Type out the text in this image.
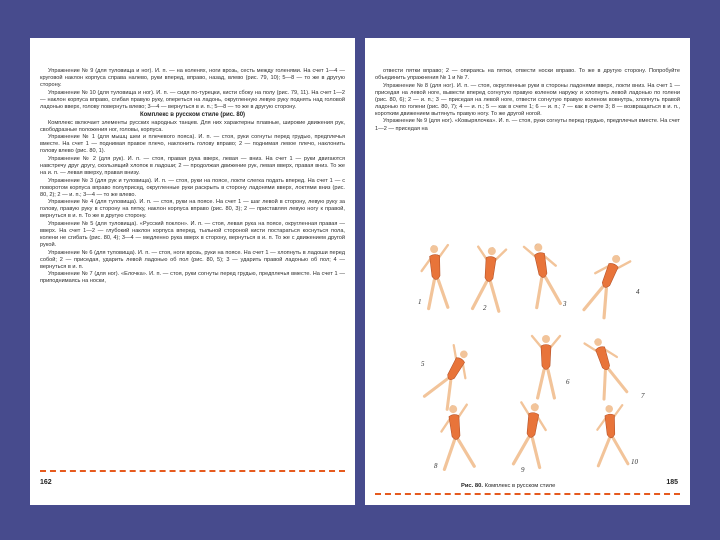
Упражнение № 9 (для туловища и ног). И. п. — на коленях, ноги врозь, сесть между голенями. На счет 1—4 — круговой наклон корпуса справа налево, руки вперед, вправо, назад, влево (рис. 79, 10); 5—8 — то же в другую сторону.
Упражнение № 10 (для туловища и ног). И. п. — сидя по-турецки, кисти сбоку на полу (рис. 79, 11). На счет 1—2 — наклон корпуса вправо, сгибая правую руку, опереться на ладонь, округленную левую руку поднять над головой ладонью вверх, голову повернуть влево; 3—4 — вернуться в и. п.; 5—8 — то же в другую сторону.
Комплекс в русском стиле (рис. 80)
Комплекс включает элементы русских народных танцев. Для них характерны плавные, широкие движения рук, свободразные положения ног, головы, корпуса.
Упражнение № 1 (для мышц шеи и плечевого пояса). И. п. — стоя, руки согнуты перед грудью, предплечья вместе. На счет 1 — поднимая правое плечо, наклонить голову вправо; 2 — поднимая левое плечо, наклонить голову влево (рис. 80, 1).
Упражнение № 2 (для рук). И. п. — стоя, правая рука вверх, левая — вниз. На счет 1 — руки двигаются навстречу друг другу, скользящий хлопок в ладоши; 2 — продолжая движение рук, левая вверх, правая вниз. То же на и. п. — левая вверху, правая внизу.
Упражнение № 3 (для рук и туловища). И. п. — стоя, руки на поясе, локти слегка подать вперед. На счет 1 — с поворотом корпуса вправо полуприсед, округленные руки раскрыть в сторону ладонями вверх, локтями вниз (рис. 80, 2); 2 — и. п.; 3—4 — то же влево.
Упражнение № 4 (для туловища). И. п. — стоя, руки на поясе. На счет 1 — шаг левой в сторону, левую руку за голову, правую руку в сторону на пятку, наклон корпуса вправо (рис. 80, 3); 2 — приставляя левую ногу к правой, вернуться в и. п. То же в другую сторону.
Упражнение № 5 (для туловища). «Русский поклон». И. п. — стоя, левая рука на поясе, округленная правая — вверх. На счет 1—2 — глубокий наклон корпуса вперед, тыльной стороной кисти постараться коснуться пола, колени не сгибать (рис. 80, 4); 3—4 — медленно рука вверх в сторону, вернуться в и. п. То же с движением другой рукой.
Упражнение № 6 (для туловища). И. п. — стоя, ноги врозь, руки на поясе. На счет 1 — хлопнуть в ладоши перед собой; 2 — приседая, ударить левой ладонью об пол (рис. 80, 5); 3 — ударить правой ладонью об пол; 4 — вернуться в и. п.
Упражнение № 7 (для ног). «Елочка». И. п. — стоя, руки согнуты перед грудью, предплечья вместе. На счет 1 — приподнимаясь на носки,
162
отвести пятки вправо; 2 — опираясь на пятки, отвести носки вправо. То же в другую сторону. Попробуйте объединить упражнения № 1 и № 7.
Упражнение № 8 (для ног). И. п. — стоя, округленные руки в стороны ладонями вверх, локти вниз. На счет 1 — приседая на левой ноге, вывести вперед согнутую правую коленом наружу и хлопнуть левой ладонью по голени (рис. 80, 6); 2 — и. п.; 3 — приседая на левой ноге, отвести согнутую правую коленом вовнутрь, хлопнуть правой ладонью по голени (рис. 80, 7); 4 — и. п.; 5 — как в счете 1; 6 — и. п.; 7 — как в счете 3; 8 — возвращаться в и. п., коротким движением вытянуть правую ногу. То же другой ногой.
Упражнение № 9 (для ног). «Ковырялочка». И. п. — стоя, руки согнуты перед грудью, предплечья вместе. На счет 1—2 — приседая на
1
2	3
4
5
6
7
8	9
10
Рис. 80. Комплекс в русском стиле	185
